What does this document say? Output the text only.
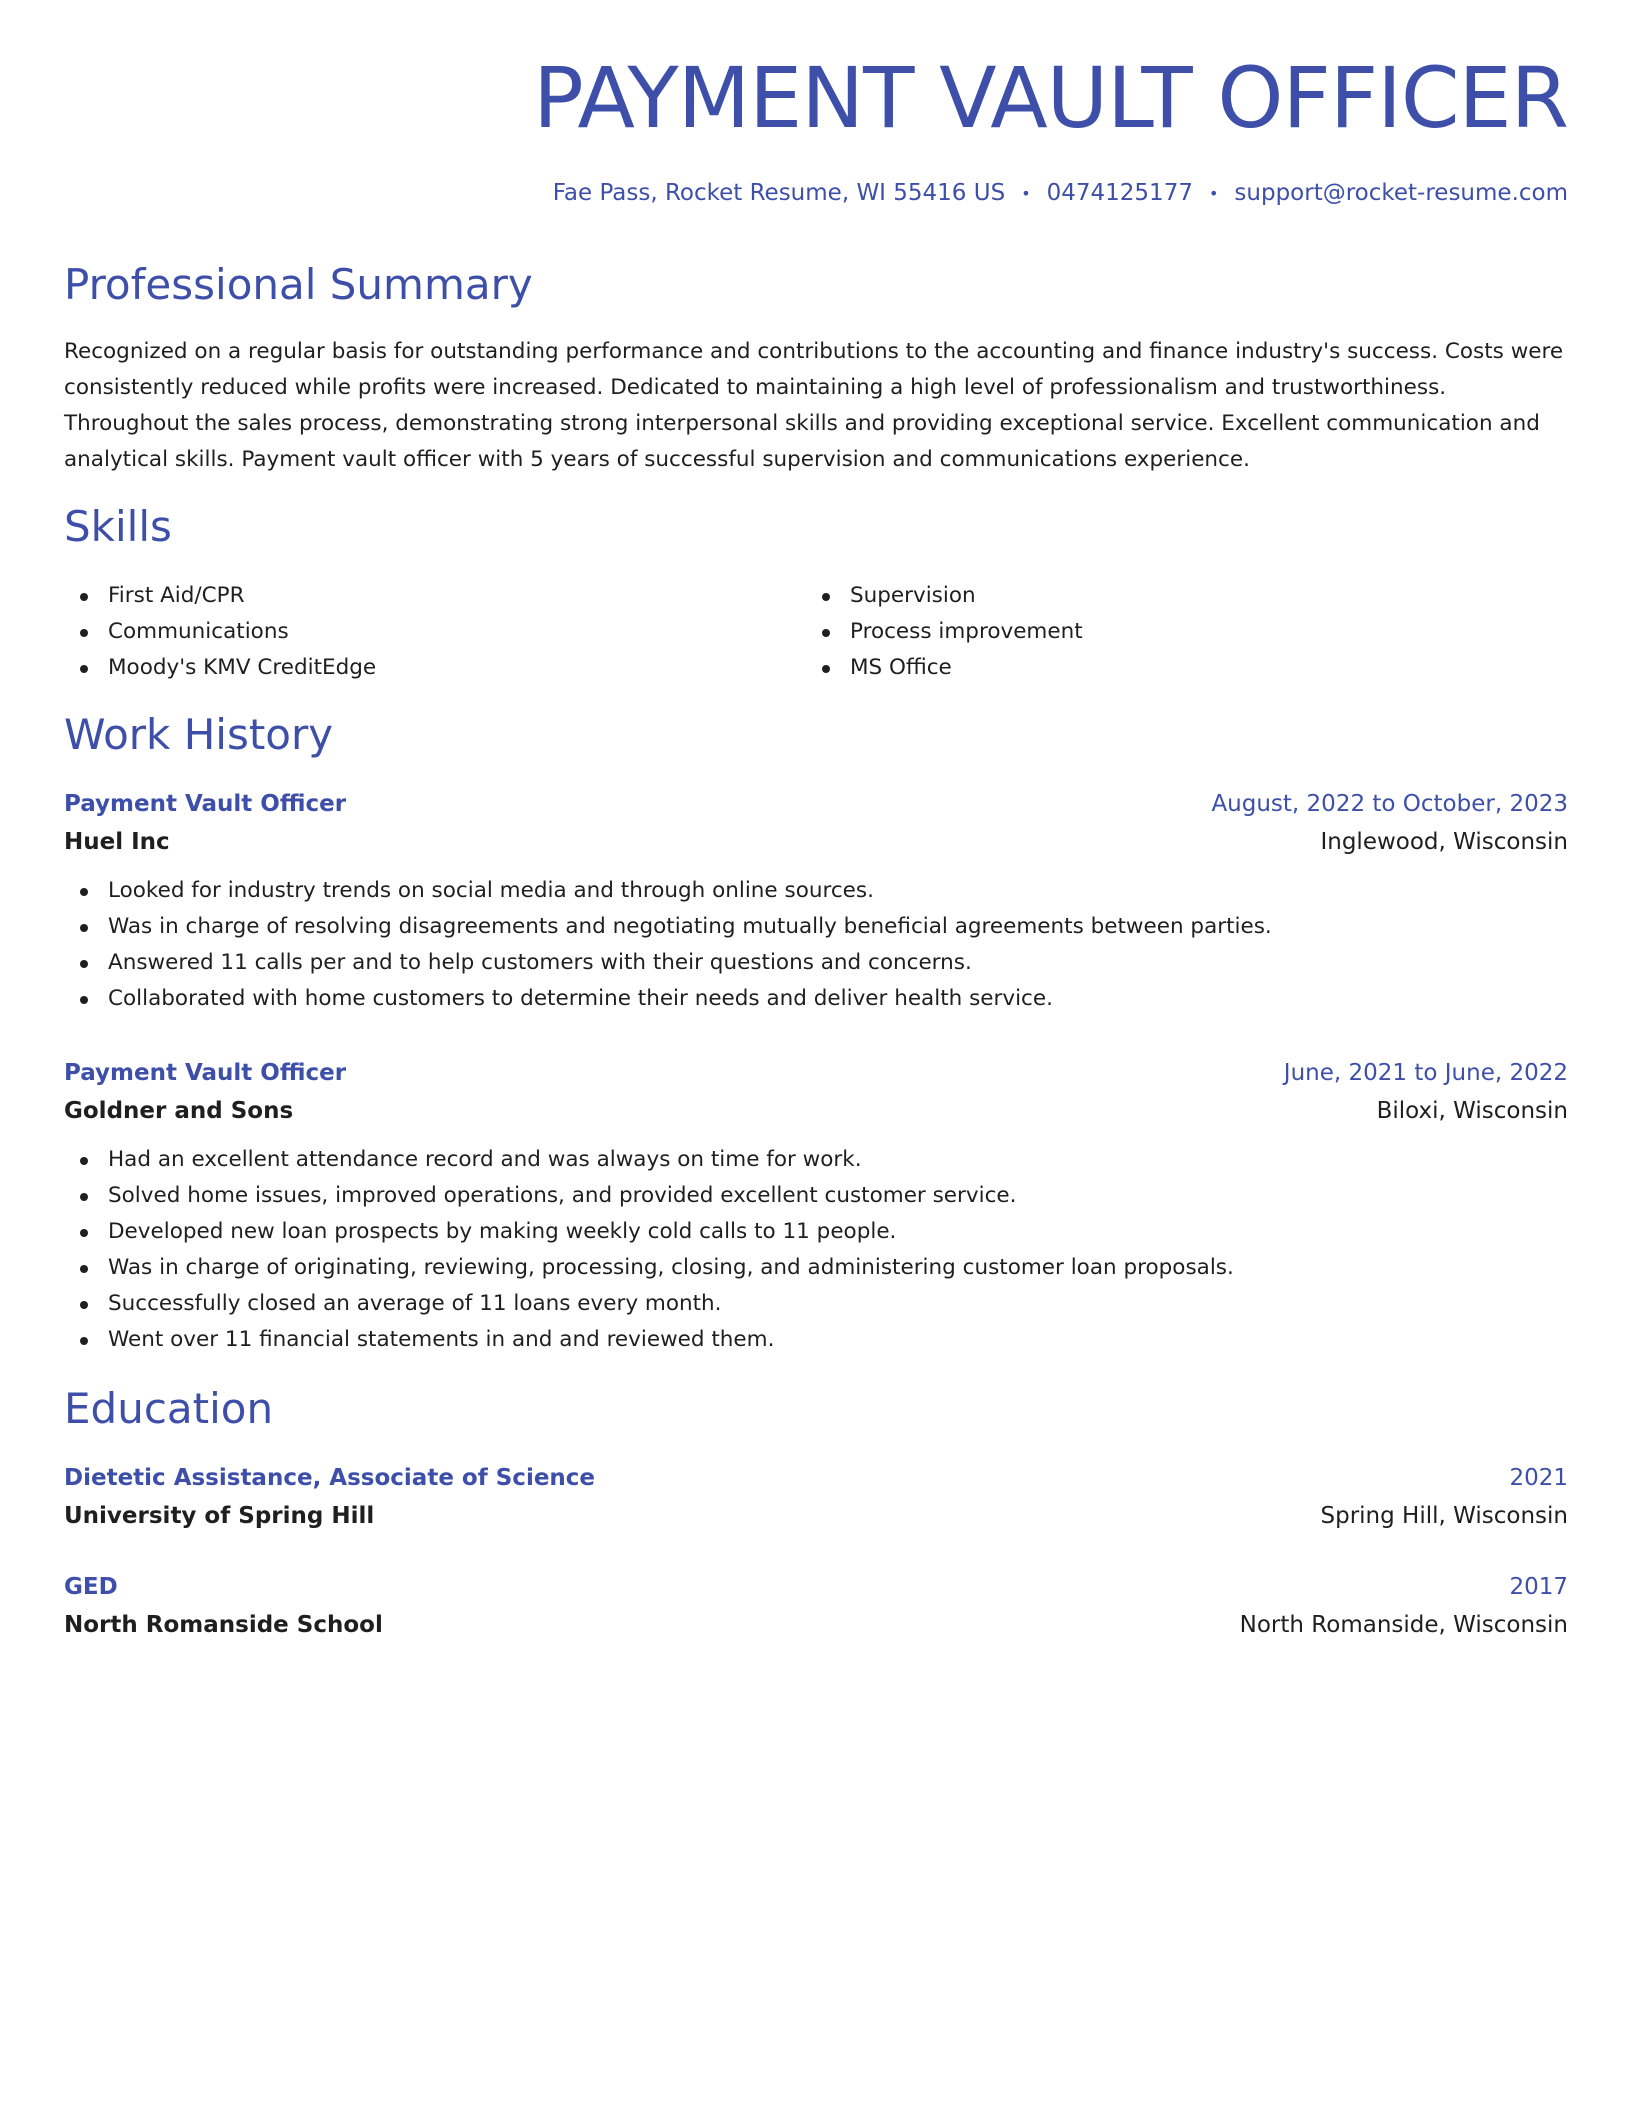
PAYMENT VAULT OFFICER
Fae Pass, Rocket Resume, WI 55416 US • 0474125177 • support@rocket-resume.com
Professional Summary

Recognized on a regular basis for outstanding performance and contributions to the accounting and finance industry's success. Costs were consistently reduced while profits were increased. Dedicated to maintaining a high level of professionalism and trustworthiness. Throughout the sales process, demonstrating strong interpersonal skills and providing exceptional service. Excellent communication and analytical skills. Payment vault officer with 5 years of successful supervision and communications experience.

Skills
First Aid/CPR
Communications
Moody's KMV CreditEdge
Supervision
Process improvement
MS Office
Work History
Payment Vault Officer	August, 2022 to October, 2023
Huel Inc	Inglewood, Wisconsin
Looked for industry trends on social media and through online sources.
Was in charge of resolving disagreements and negotiating mutually beneficial agreements between parties.
Answered 11 calls per and to help customers with their questions and concerns.
Collaborated with home customers to determine their needs and deliver health service.
Payment Vault Officer	June, 2021 to June, 2022
Goldner and Sons	Biloxi, Wisconsin
Had an excellent attendance record and was always on time for work.
Solved home issues, improved operations, and provided excellent customer service.
Developed new loan prospects by making weekly cold calls to 11 people.
Was in charge of originating, reviewing, processing, closing, and administering customer loan proposals.
Successfully closed an average of 11 loans every month.
Went over 11 financial statements in and and reviewed them.
Education
Dietetic Assistance, Associate of Science	2021
University of Spring Hill	Spring Hill, Wisconsin
GED	2017
North Romanside School	North Romanside, Wisconsin
